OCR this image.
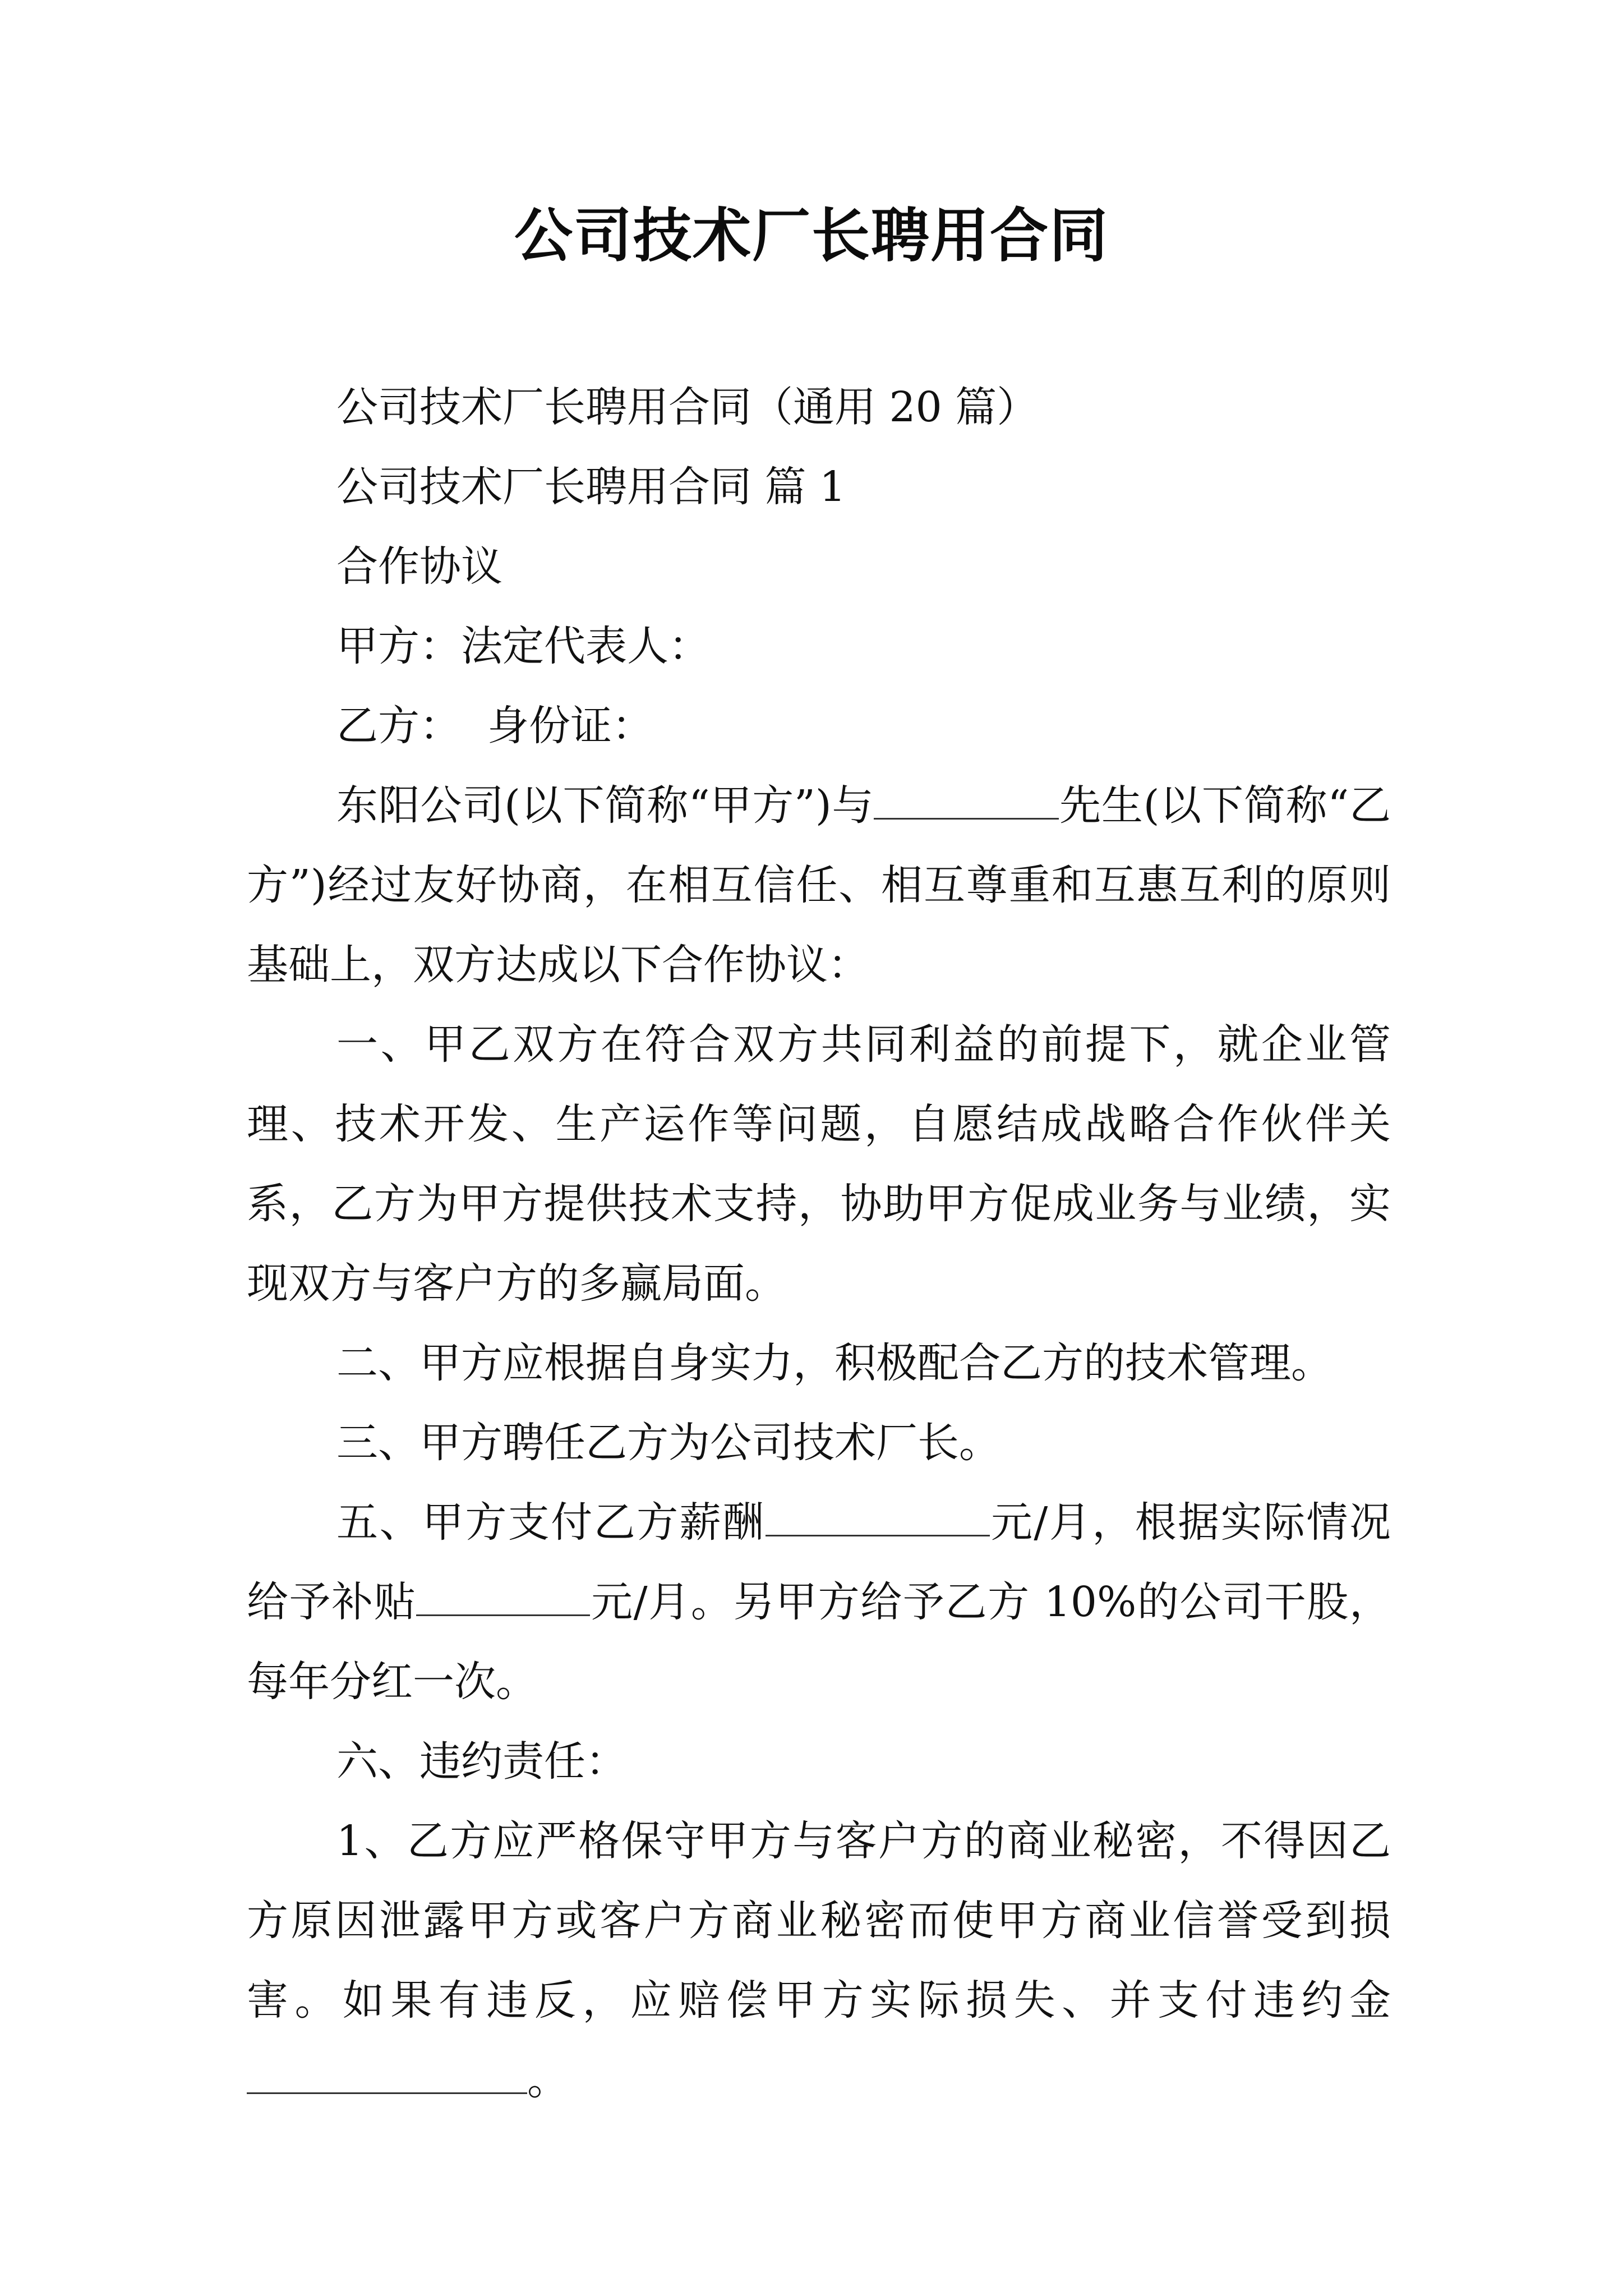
公司技术厂长聘用合同

公司技术厂长聘用合同（通用 20 篇）

公司技术厂长聘用合同 篇 1

合作协议

甲方：法定代表人：

乙方：  身份证：

东阳公司(以下简称“甲方”)与	先生(以下简称“乙方”)经过友好协商，在相互信任、相互尊重和互惠互利的原则基础上，双方达成以下合作协议：

一、甲乙双方在符合双方共同利益的前提下，就企业管理、技术开发、生产运作等问题，自愿结成战略合作伙伴关系，乙方为甲方提供技术支持，协助甲方促成业务与业绩，实现双方与客户方的多赢局面。

二、甲方应根据自身实力，积极配合乙方的技术管理。

三、甲方聘任乙方为公司技术厂长。

五、甲方支付乙方薪酬	元/月，根据实际情况给予补贴	元/月。另甲方给予乙方 10%的公司干股，每年分红一次。

六、违约责任：

1、乙方应严格保守甲方与客户方的商业秘密，不得因乙方原因泄露甲方或客户方商业秘密而使甲方商业信誉受到损害。如果有违反，应赔偿甲方实际损失、并支付违约金。
